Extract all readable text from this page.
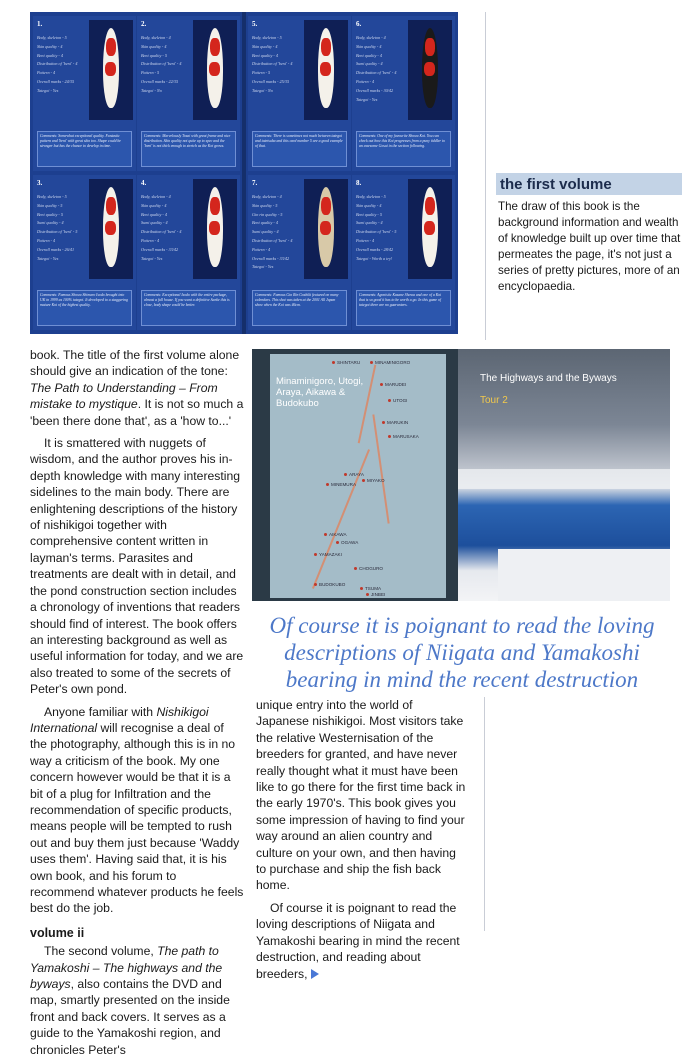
1.
Body, skeleton - 5
Skin quality - 4
Beni quality - 4
Distribution of 'beni' - 4
Pattern - 4
Overall marks - 24/35
Tategoi - Yes
Comments: Somewhat exceptional quality. Fantastic pattern and 'beni' with great skin too. Shape could be stronger but has the chance to develop in time.
2.
Body, skeleton - 4
Skin quality - 4
Beni quality - 5
Distribution of 'beni' - 4
Pattern - 5
Overall marks - 22/35
Tategoi - No
Comments: Marvelously Tosai with great frame and nice distribution. Skin quality not quite up to spec and the 'beni' is not thick enough to stretch as the Koi grows.
5.
Body, skeleton - 5
Skin quality - 4
Beni quality - 4
Distribution of 'beni' - 4
Pattern - 5
Overall marks - 25/35
Tategoi - No
Comments: There is sometimes not much between tategoi and tatetsuba and this card number 5 are a good example of that.
6.
Body, skeleton - 4
Skin quality - 4
Beni quality - 4
Sumi quality - 4
Distribution of 'beni' - 4
Pattern - 4
Overall marks - 30/42
Tategoi - Yes
Comments: One of my favourite Showa Koi. You can check out how this Koi progresses from a puny tiddler to an awesome Gosai in the section following.
3.
Body, skeleton - 5
Skin quality - 5
Beni quality - 5
Sumi quality - 4
Distribution of 'beni' - 5
Pattern - 4
Overall marks - 26/41
Tategoi - Yes
Comments: Famous Showa Shimaro Isodo brought into UK in 1999 as 100% tategoi. It developed to a staggering mature Koi of the highest quality.
4.
Body, skeleton - 4
Skin quality - 4
Beni quality - 4
Sumi quality - 4
Distribution of 'beni' - 4
Pattern - 4
Overall marks - 33/42
Tategoi - Yes
Comments: Exceptional Isodo with the entire package, almost a full house. If you want a definitive Sanke this is close, body shape could be better.
7.
Body, skeleton - 4
Skin quality - 5
Gin rin quality - 5
Beni quality - 4
Sumi quality - 4
Distribution of 'beni' - 4
Pattern - 4
Overall marks - 33/42
Tategoi - Yes
Comments: Famous Gin Rin Goshiki featured on many calendars. This shot was taken at the 2001 All Japan show when the Koi was 46cm.
8.
Body, skeleton - 5
Skin quality - 4
Beni quality - 5
Sumi quality - 4
Distribution of 'beni' - 5
Pattern - 4
Overall marks - 28/42
Tategoi - Worth a try!
Comments: Agonistic Kasane Showa and one of a Koi that is so good it has to be worth a go. In this game of tategoi there are no guarantees.
the first volume
The draw of this book is the background information and wealth of knowledge built up over time that permeates the page, it's not just a series of pretty pictures, more of an encyclopaedia.

book. The title of the first volume alone should give an indication of the tone: The Path to Understanding – From mistake to mystique. It is not so much a 'been there done that', as a 'how to...'

It is smattered with nuggets of wisdom, and the author proves his in-depth knowledge with many interesting sidelines to the main body. There are enlightening descriptions of the history of nishikigoi together with comprehensive content written in layman's terms. Parasites and treatments are dealt with in detail, and the pond construction section includes a chronology of inventions that readers should find of interest. The book offers an interesting background as well as useful information for today, and we are also treated to some of the secrets of Peter's own pond.

Anyone familiar with Nishikigoi International will recognise a deal of the photography, although this is in no way a criticism of the book. My one concern however would be that it is a bit of a plug for Infiltration and the recommendation of specific products, means people will be tempted to rush out and buy them just because 'Waddy uses them'. Having said that, it is his own book, and his forum to recommend whatever products he feels best do the job.

volume ii

The second volume, The path to Yamakoshi – The highways and the byways, also contains the DVD and map, smartly presented on the inside front and back covers. It serves as a guide to the Yamakoshi region, and chronicles Peter's

Minaminigoro, Utogi, Araya, Aikawa & Budokubo
SHINTARU	MINAMINIGORO
MARUDEI
UTOGI
MARUKIN
MARUSAKA
ARAYA
MIYAKO
MINEMURA
AIKAWA
OGAWA
YAMAZAKI
CHOGURO
BUDOKUBO
TSUMA
JINBEI
The Highways and the Byways
Tour 2
Of course it is poignant to read the loving descriptions of Niigata and Yamakoshi bearing in mind the recent destruction

unique entry into the world of Japanese nishikigoi. Most visitors take the relative Westernisation of the breeders for granted, and have never really thought what it must have been like to go there for the first time back in the early 1970's. This book gives you some impression of having to find your way around an alien country and culture on your own, and then having to purchase and ship the fish back home.

Of course it is poignant to read the loving descriptions of Niigata and Yamakoshi bearing in mind the recent destruction, and reading about breeders,
